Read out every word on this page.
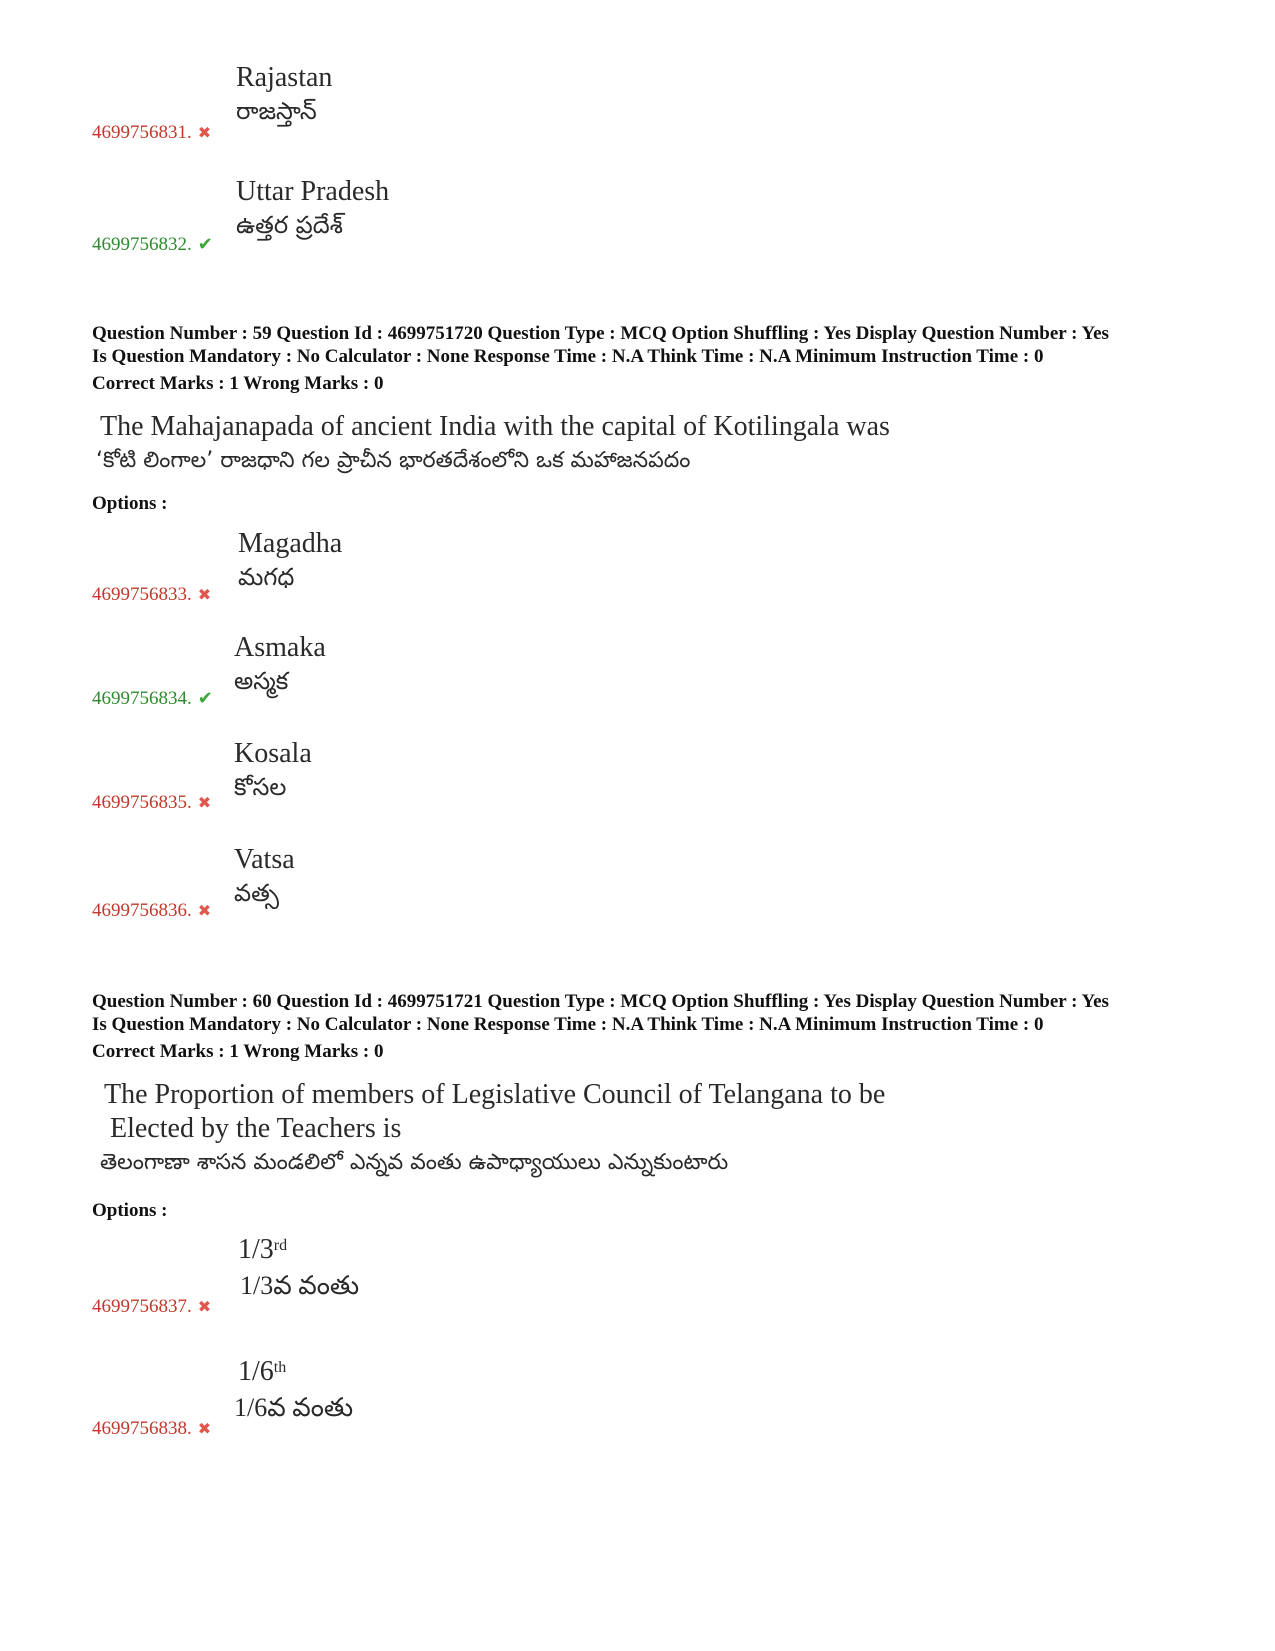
Rajastan
రాజస్తాన్
4699756831. ✖
Uttar Pradesh
ఉత్తర ప్రదేశ్
4699756832. ✔
Question Number : 59 Question Id : 4699751720 Question Type : MCQ Option Shuffling : Yes Display Question Number : Yes
Is Question Mandatory : No Calculator : None Response Time : N.A Think Time : N.A Minimum Instruction Time : 0
Correct Marks : 1 Wrong Marks : 0
The Mahajanapada of ancient India with the capital of Kotilingala was
‘కోటి లింగాల’ రాజధాని గల ప్రాచీన భారతదేశంలోని ఒక మహాజనపదం
Options :
Magadha
మగధ
4699756833. ✖
Asmaka
అస్మక
4699756834. ✔
Kosala
కోసల
4699756835. ✖
Vatsa
వత్స
4699756836. ✖
Question Number : 60 Question Id : 4699751721 Question Type : MCQ Option Shuffling : Yes Display Question Number : Yes
Is Question Mandatory : No Calculator : None Response Time : N.A Think Time : N.A Minimum Instruction Time : 0
Correct Marks : 1 Wrong Marks : 0
The Proportion of members of Legislative Council of Telangana to be
Elected by the Teachers is
తెలంగాణా శాసన మండలిలో ఎన్నవ వంతు ఉపాధ్యాయులు ఎన్నుకుంటారు
Options :
1/3rd
1/3వ వంతు
4699756837. ✖
1/6th
1/6వ వంతు
4699756838. ✖
